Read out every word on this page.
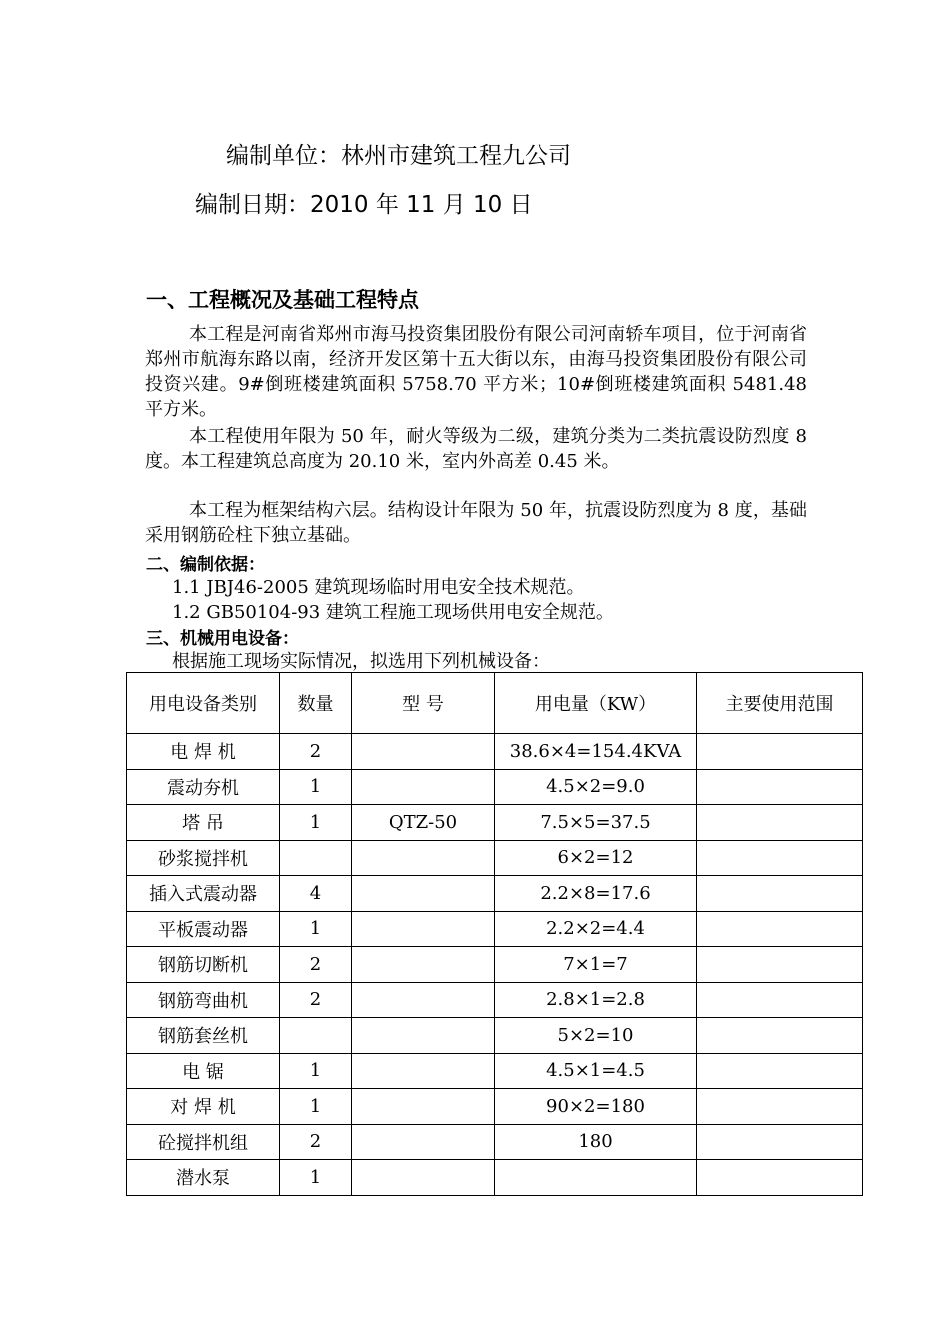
编制单位：林州市建筑工程九公司
编制日期：2010 年 11 月 10 日
一、工程概况及基础工程特点
本工程是河南省郑州市海马投资集团股份有限公司河南轿车项目，位于河南省郑州市航海东路以南，经济开发区第十五大街以东，由海马投资集团股份有限公司投资兴建。9#倒班楼建筑面积 5758.70 平方米；10#倒班楼建筑面积 5481.48 平方米。
本工程使用年限为 50 年，耐火等级为二级，建筑分类为二类抗震设防烈度 8 度。本工程建筑总高度为 20.10 米，室内外高差 0.45 米。
本工程为框架结构六层。结构设计年限为 50 年，抗震设防烈度为 8 度，基础采用钢筋砼柱下独立基础。
二、编制依据：
1.1 JBJ46-2005 建筑现场临时用电安全技术规范。
1.2 GB50104-93 建筑工程施工现场供用电安全规范。
三、机械用电设备：
根据施工现场实际情况，拟选用下列机械设备：
用电设备类别	数量	型 号	用电量（KW）	主要使用范围
电 焊 机	2		38.6×4=154.4KVA	
震动夯机	1		4.5×2=9.0	
塔 吊	1	QTZ-50	7.5×5=37.5	
砂浆搅拌机			6×2=12	
插入式震动器	4		2.2×8=17.6	
平板震动器	1		2.2×2=4.4	
钢筋切断机	2		7×1=7	
钢筋弯曲机	2		2.8×1=2.8	
钢筋套丝机			5×2=10	
电 锯	1		4.5×1=4.5	
对 焊 机	1		90×2=180	
砼搅拌机组	2		180	
潜水泵	1			
